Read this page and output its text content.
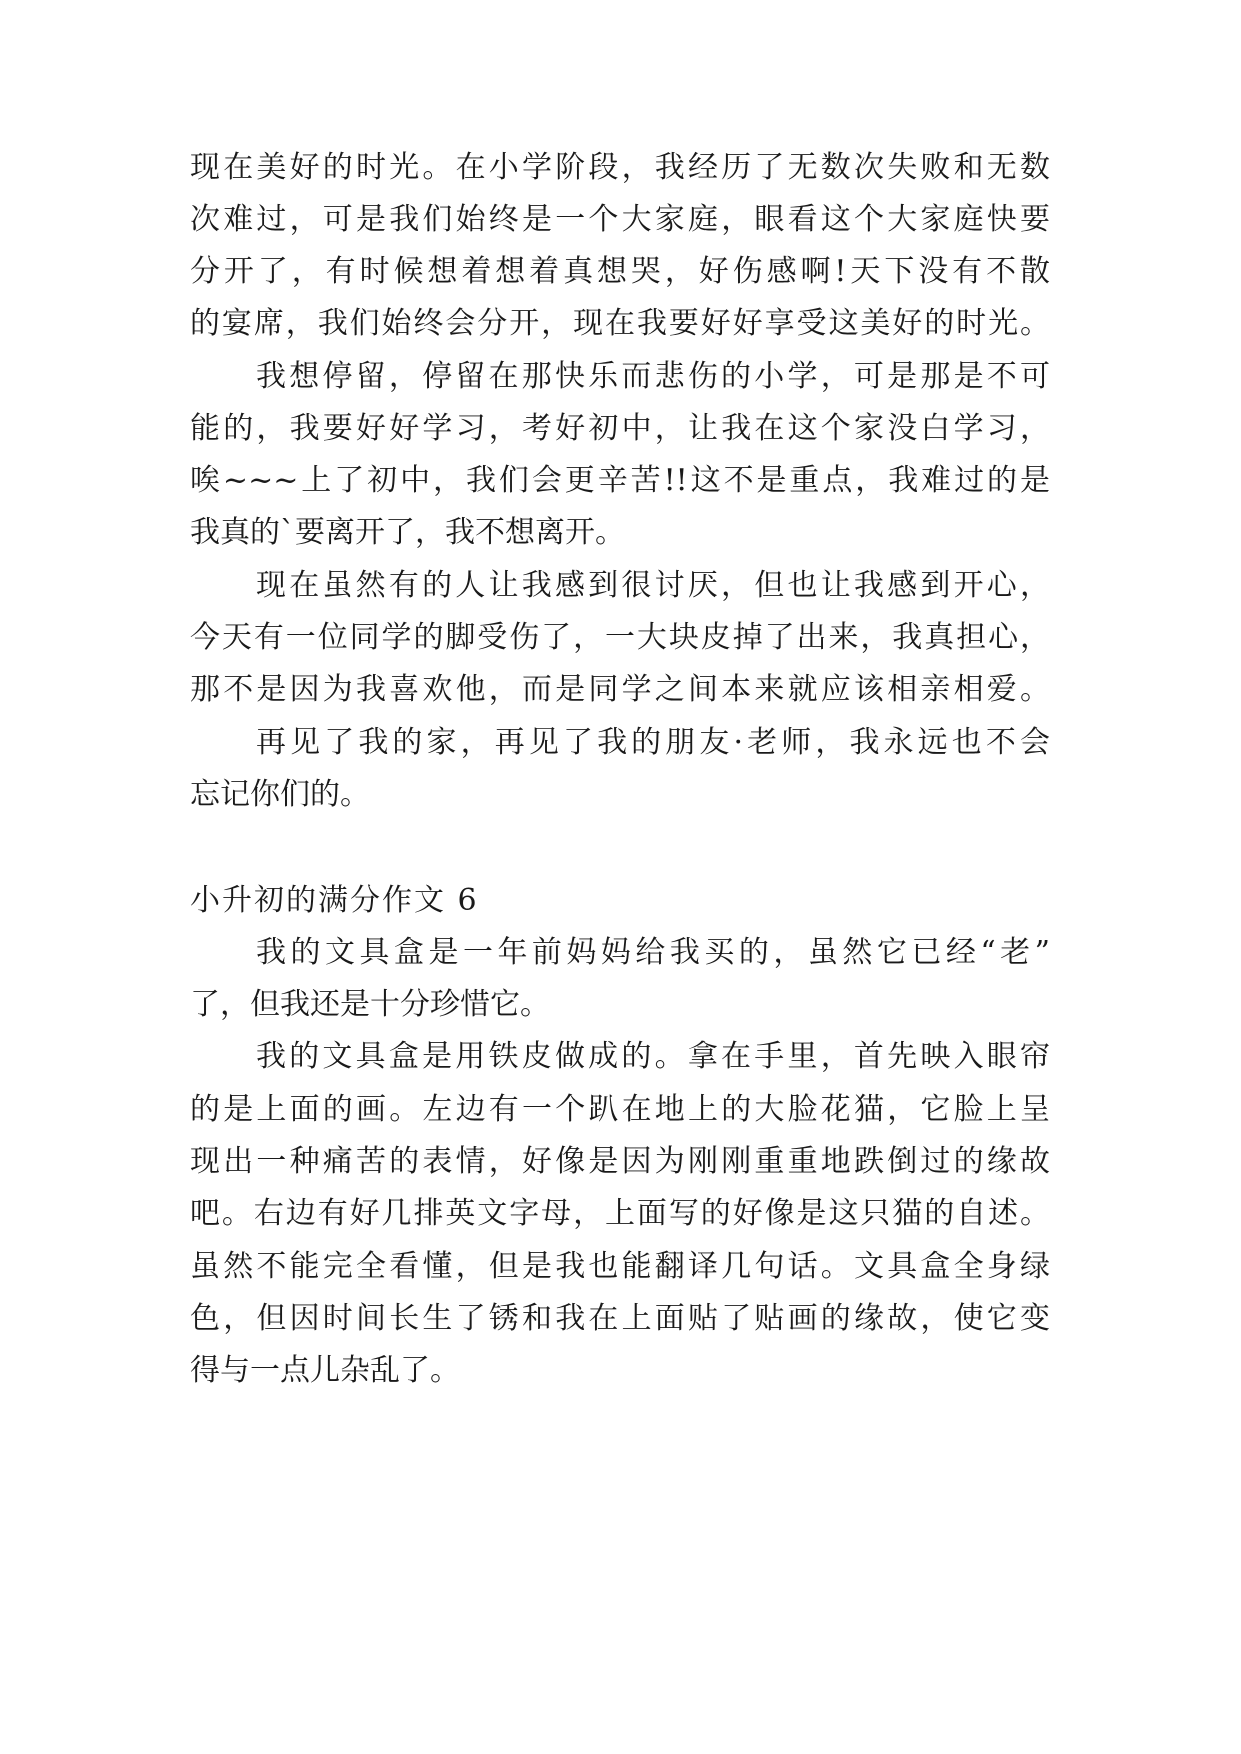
现在美好的时光。在小学阶段，我经历了无数次失败和无数
次难过，可是我们始终是一个大家庭，眼看这个大家庭快要
分开了，有时候想着想着真想哭，好伤感啊!天下没有不散
的宴席，我们始终会分开，现在我要好好享受这美好的时光。
我想停留，停留在那快乐而悲伤的小学，可是那是不可
能的，我要好好学习，考好初中，让我在这个家没白学习，
唉~~~上了初中，我们会更辛苦!!这不是重点，我难过的是
我真的`要离开了，我不想离开。
现在虽然有的人让我感到很讨厌，但也让我感到开心，
今天有一位同学的脚受伤了，一大块皮掉了出来，我真担心，
那不是因为我喜欢他，而是同学之间本来就应该相亲相爱。
再见了我的家，再见了我的朋友·老师，我永远也不会
忘记你们的。
小升初的满分作文 6
我的文具盒是一年前妈妈给我买的，虽然它已经“老”
了，但我还是十分珍惜它。
我的文具盒是用铁皮做成的。拿在手里，首先映入眼帘
的是上面的画。左边有一个趴在地上的大脸花猫，它脸上呈
现出一种痛苦的表情，好像是因为刚刚重重地跌倒过的缘故
吧。右边有好几排英文字母，上面写的好像是这只猫的自述。
虽然不能完全看懂，但是我也能翻译几句话。文具盒全身绿
色，但因时间长生了锈和我在上面贴了贴画的缘故，使它变
得与一点儿杂乱了。
